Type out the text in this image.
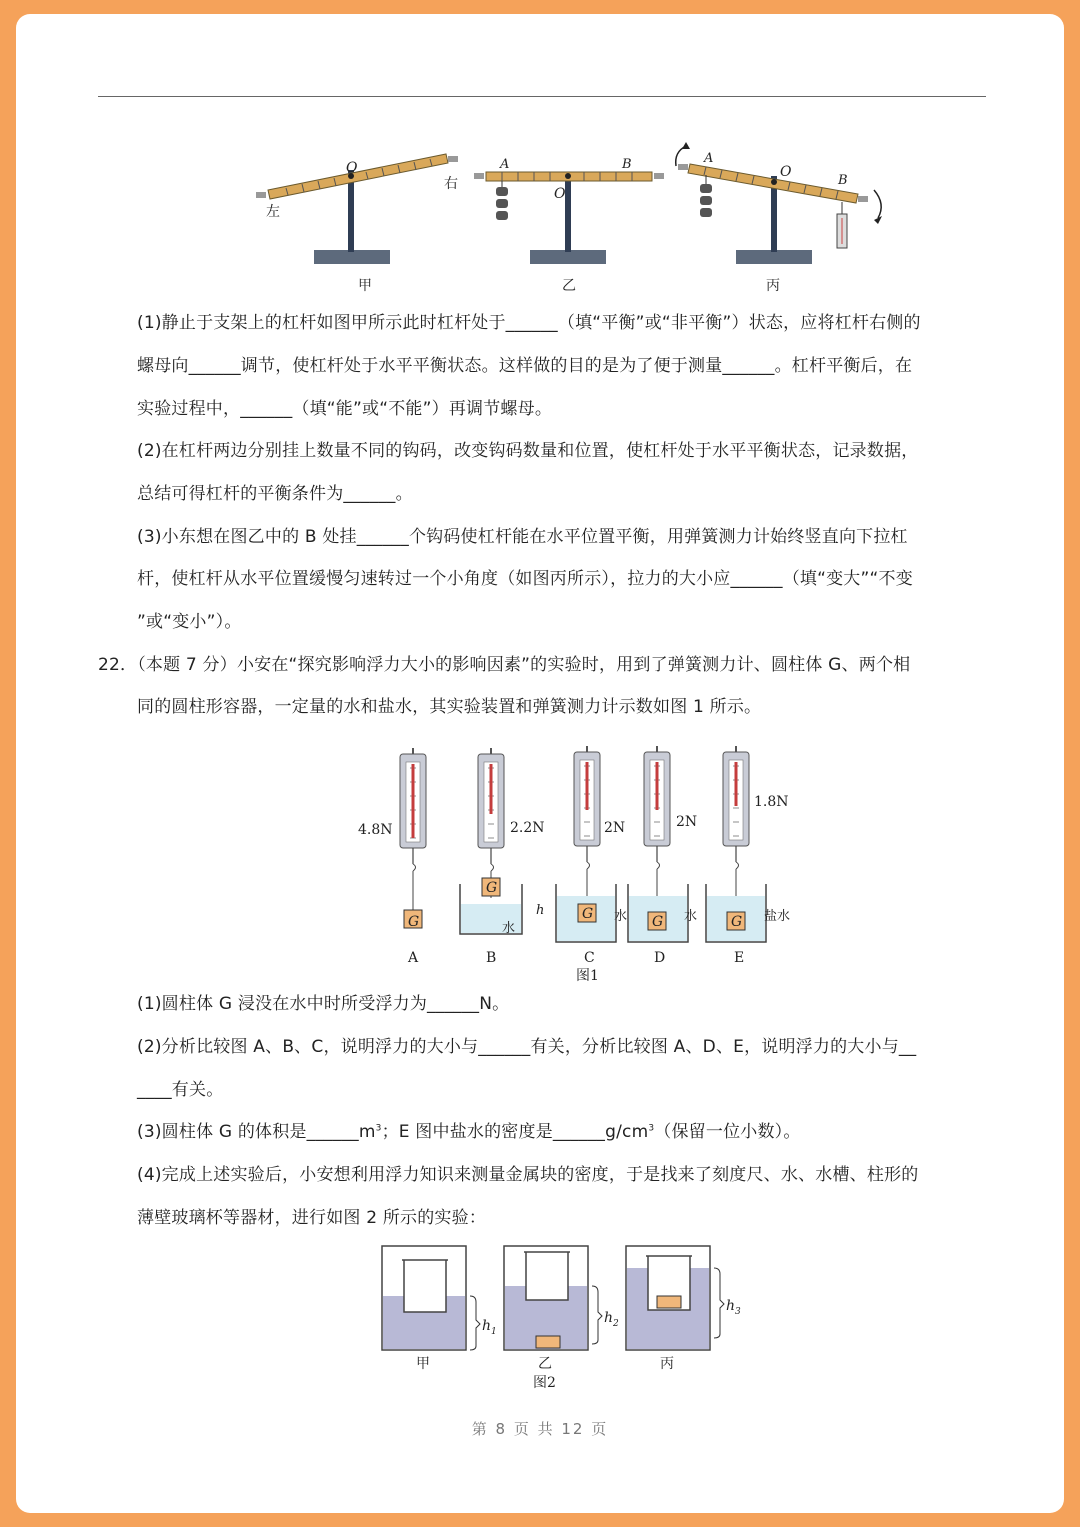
左
右
O
甲
A	B
O
乙
A
O
B
丙
(1)静止于支架上的杠杆如图甲所示此时杠杆处于______（填“平衡”或“非平衡”）状态，应将杠杆右侧的
螺母向______调节，使杠杆处于水平平衡状态。这样做的目的是为了便于测量______。杠杆平衡后，在
实验过程中，______（填“能”或“不能”）再调节螺母。
(2)在杠杆两边分别挂上数量不同的钩码，改变钩码数量和位置，使杠杆处于水平平衡状态，记录数据，
总结可得杠杆的平衡条件为______。
(3)小东想在图乙中的 B 处挂______个钩码使杠杆能在水平位置平衡，用弹簧测力计始终竖直向下拉杠
杆，使杠杆从水平位置缓慢匀速转过一个小角度（如图丙所示），拉力的大小应______（填“变大”“不变
”或“变小”）。
22．（本题 7 分）小安在“探究影响浮力大小的影响因素”的实验时，用到了弹簧测力计、圆柱体 G、两个相
同的圆柱形容器，一定量的水和盐水，其实验装置和弹簧测力计示数如图 1 所示。
4.8N
G
A
G
h
水
2.2N
B
G 水
2N
C
图1
G 水
2N
D
G 盐水
1.8N
E
(1)圆柱体 G 浸没在水中时所受浮力为______N。
(2)分析比较图 A、B、C，说明浮力的大小与______有关，分析比较图 A、D、E，说明浮力的大小与__
____有关。
(3)圆柱体 G 的体积是$\_\_\_\_\_\_m^3$；E 图中盐水的密度是$\_\_\_\_\_\_g/cm^3$（保留一位小数）。
(4)完成上述实验后，小安想利用浮力知识来测量金属块的密度，于是找来了刻度尺、水、水槽、柱形的
薄壁玻璃杯等器材，进行如图 2 所示的实验：
$h_1$
甲
$h_2$
乙
图2
$h_3$
丙
第 8 页 共 12 页
